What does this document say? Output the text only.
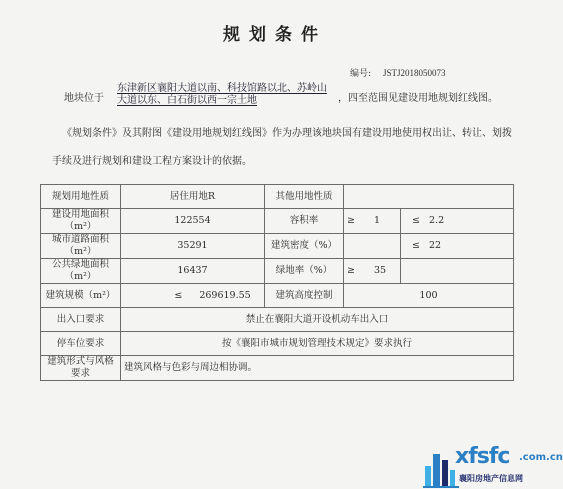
规划条件
编号: JSTJ2018050073
地块位于
东津新区襄阳大道以南、科技馆路以北、苏岭山大道以东、白石街以西一宗土地	，四至范围见建设用地规划红线图。
《规划条件》及其附图《建设用地规划红线图》作为办理该地块国有建设用地使用权出让、转让、划拨手续及进行规划和建设工程方案设计的依据。
规划用地性质	居住用地R	其他用地性质		
建设用地面积（m²）	122554	容积率	≥ 1	≤ 2.2
城市道路面积（m²）	35291	建筑密度（%）		≤ 22
公共绿地面积（m²）	16437	绿地率（%）	≥ 35	
建筑规模（m²）	≤ 269619.55	建筑高度控制	100	
出入口要求	禁止在襄阳大道开设机动车出入口			
停车位要求	按《襄阳市城市规划管理技术规定》要求执行			
建筑形式与风格要求	建筑风格与色彩与周边相协调。			
xfsfc .com.cn
襄阳房地产信息网
